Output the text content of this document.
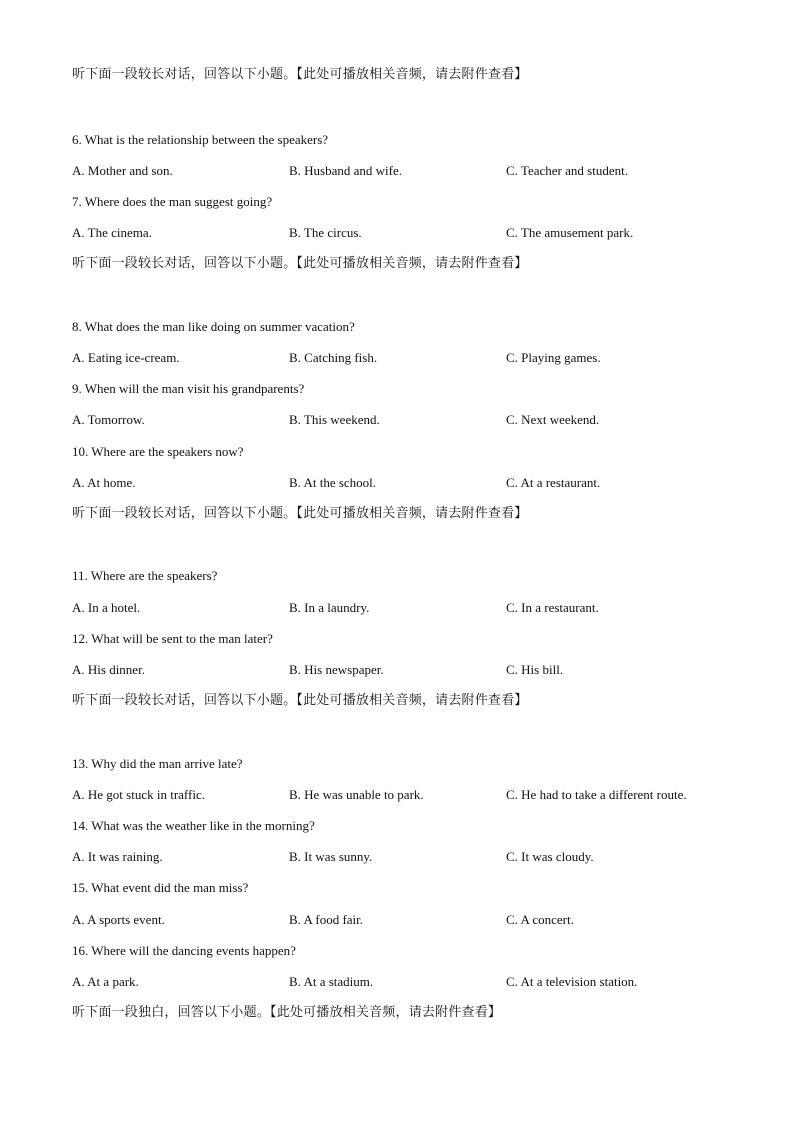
听下面一段较长对话，回答以下小题。【此处可播放相关音频，请去附件查看】
6. What is the relationship between the speakers?
A. Mother and son.	B. Husband and wife.	C. Teacher and student.
7. Where does the man suggest going?
A. The cinema.	B. The circus.	C. The amusement park.
听下面一段较长对话，回答以下小题。【此处可播放相关音频，请去附件查看】
8. What does the man like doing on summer vacation?
A. Eating ice-cream.	B. Catching fish.	C. Playing games.
9. When will the man visit his grandparents?
A. Tomorrow.	B. This weekend.	C. Next weekend.
10. Where are the speakers now?
A. At home.	B. At the school.	C. At a restaurant.
听下面一段较长对话，回答以下小题。【此处可播放相关音频，请去附件查看】
11. Where are the speakers?
A. In a hotel.	B. In a laundry.	C. In a restaurant.
12. What will be sent to the man later?
A. His dinner.	B. His newspaper.	C. His bill.
听下面一段较长对话，回答以下小题。【此处可播放相关音频，请去附件查看】
13. Why did the man arrive late?
A. He got stuck in traffic.	B. He was unable to park.	C. He had to take a different route.
14. What was the weather like in the morning?
A. It was raining.	B. It was sunny.	C. It was cloudy.
15. What event did the man miss?
A. A sports event.	B. A food fair.	C. A concert.
16. Where will the dancing events happen?
A. At a park.	B. At a stadium.	C. At a television station.
听下面一段独白，回答以下小题。【此处可播放相关音频，请去附件查看】
